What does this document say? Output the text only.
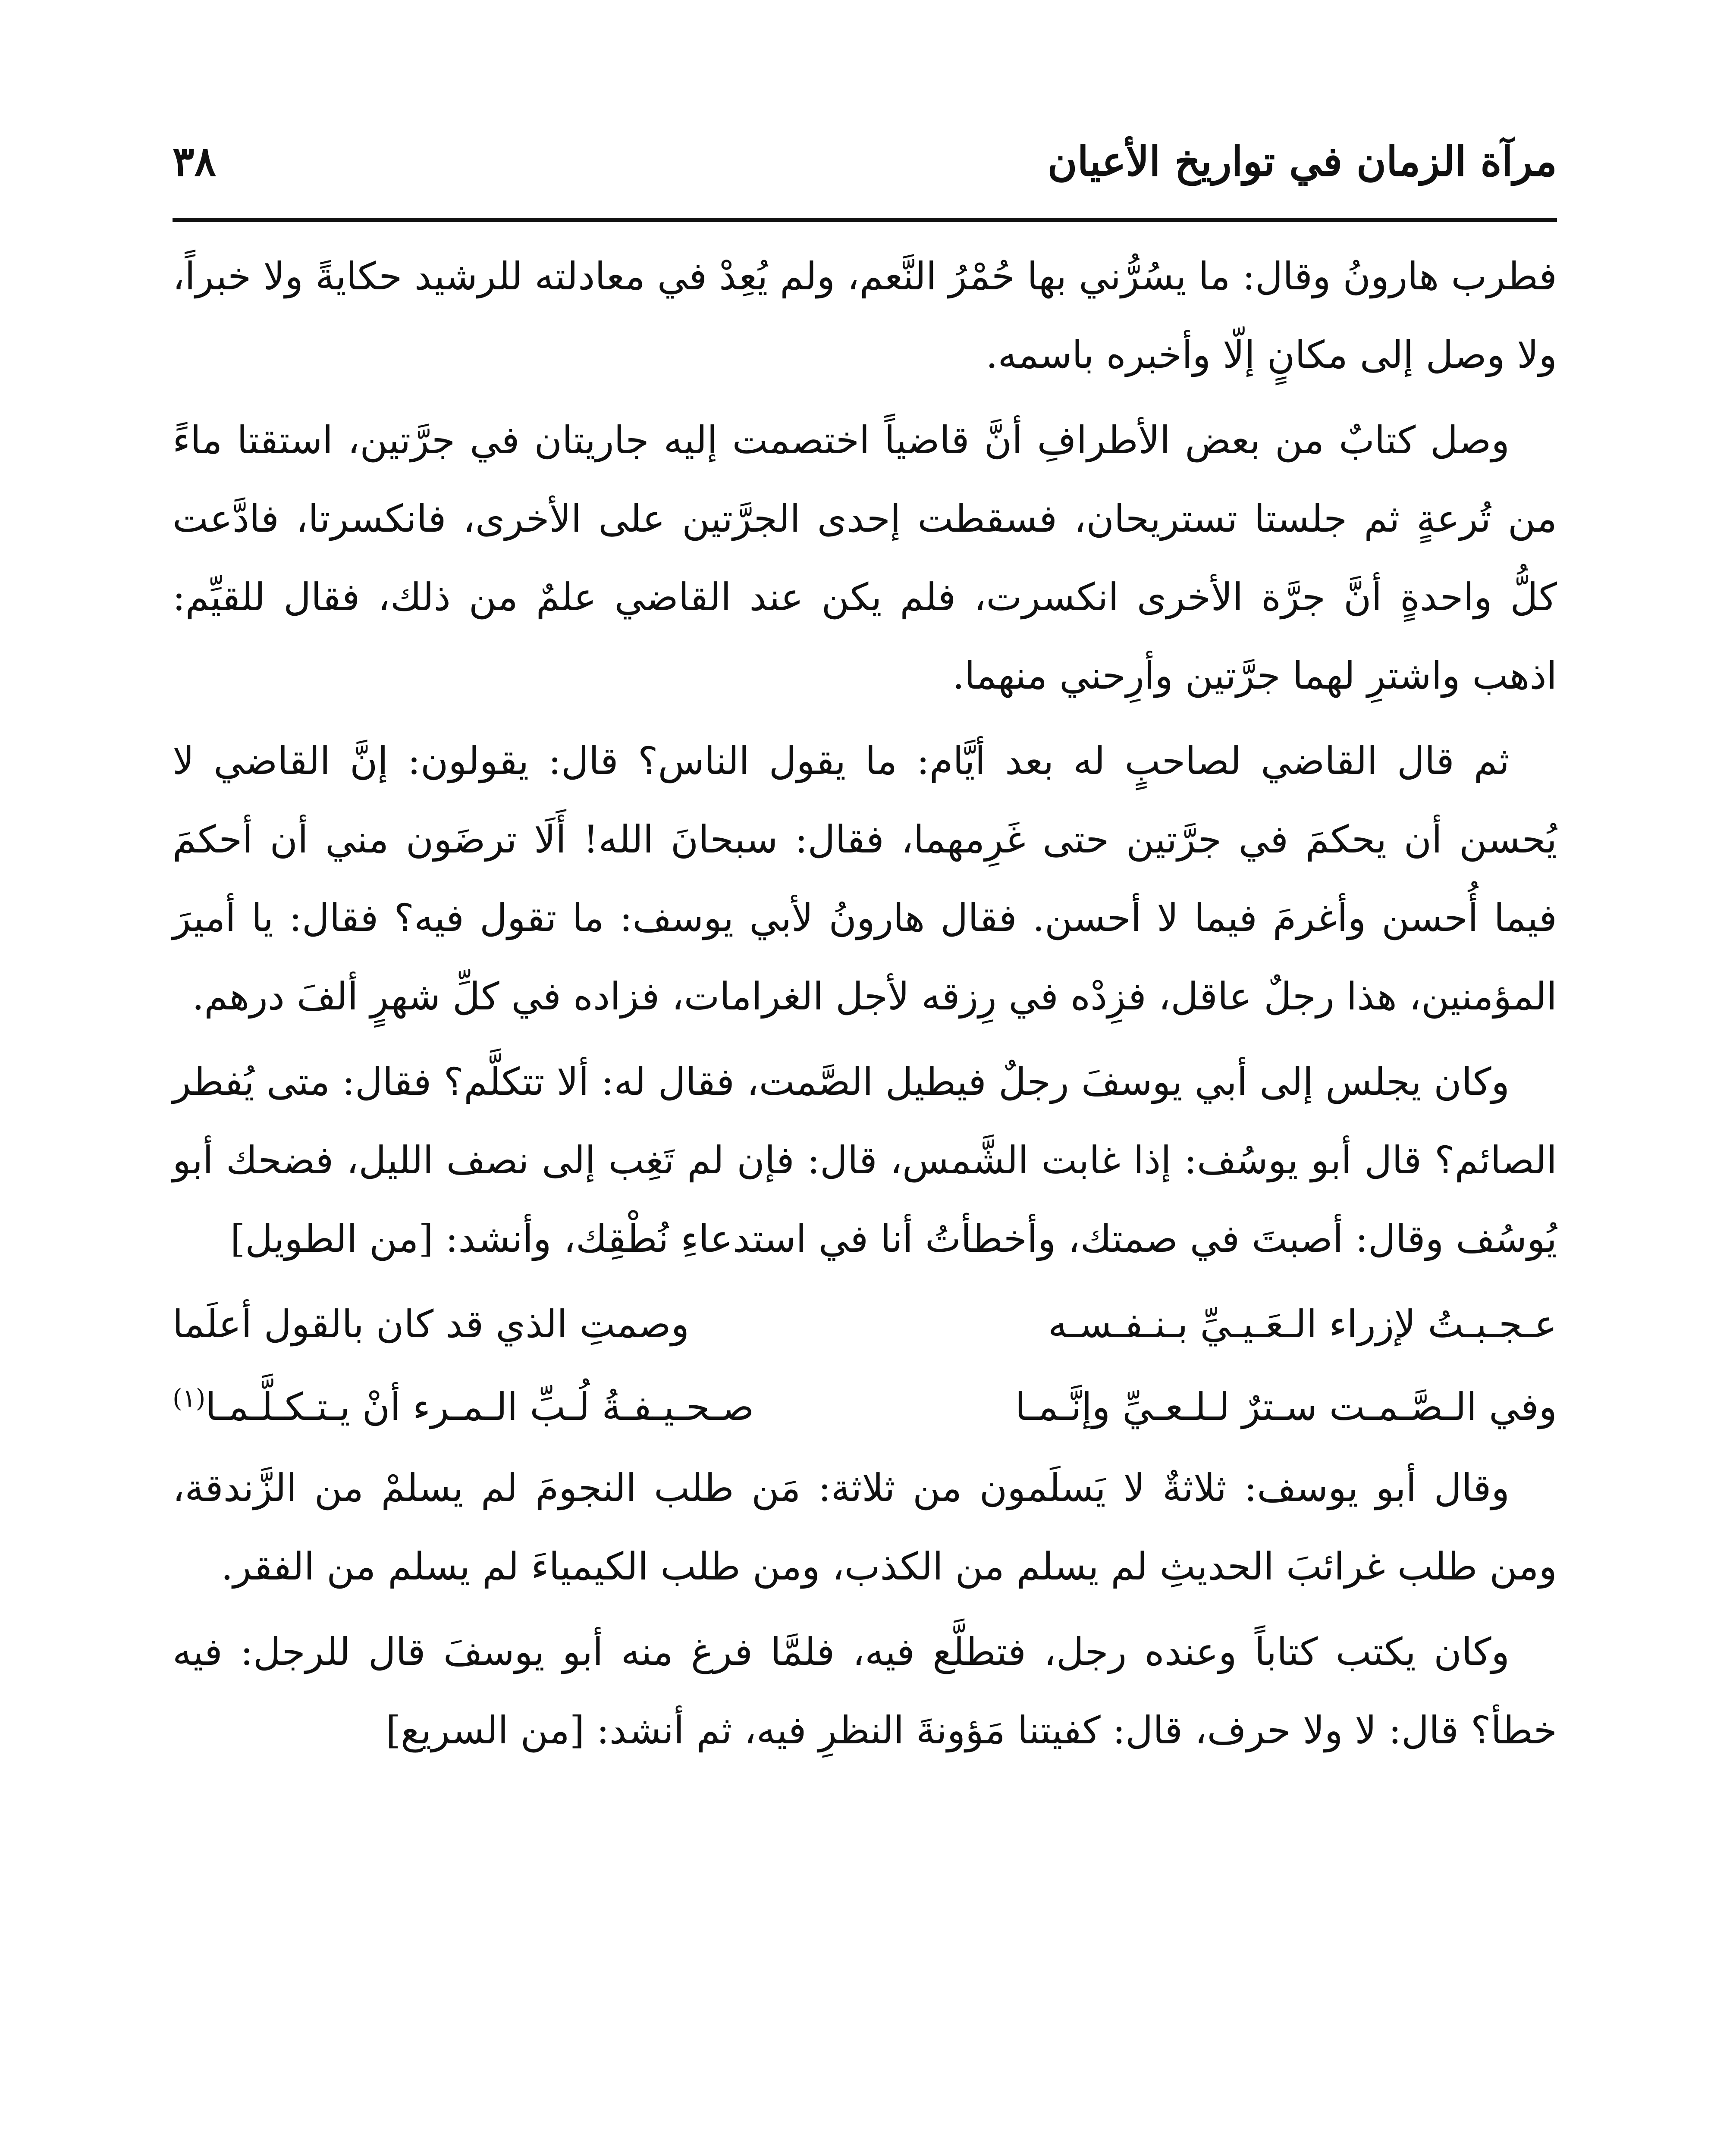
مرآة الزمان في تواريخ الأعيان
٣٨

فطرب هارونُ وقال: ما يسُرُّني بها حُمْرُ النَّعم، ولم يُعِدْ في معادلته للرشيد حكايةً ولا خبراً، ولا وصل إلى مكانٍ إلّا وأخبره باسمه.

وصل كتابٌ من بعض الأطرافِ أنَّ قاضياً اختصمت إليه جاريتان في جرَّتين، استقتا ماءً من تُرعةٍ ثم جلستا تستريحان، فسقطت إحدى الجرَّتين على الأخرى، فانكسرتا، فادَّعت كلُّ واحدةٍ أنَّ جرَّة الأخرى انكسرت، فلم يكن عند القاضي علمٌ من ذلك، فقال للقيِّم: اذهب واشترِ لهما جرَّتين وأرِحني منهما.

ثم قال القاضي لصاحبٍ له بعد أيَّام: ما يقول الناس؟ قال: يقولون: إنَّ القاضي لا يُحسن أن يحكمَ في جرَّتين حتى غَرِمهما، فقال: سبحانَ الله! أَلَا ترضَون مني أن أحكمَ فيما أُحسن وأغرمَ فيما لا أحسن. فقال هارونُ لأبي يوسف: ما تقول فيه؟ فقال: يا أميرَ المؤمنين، هذا رجلٌ عاقل، فزِدْه في رِزقه لأجل الغرامات، فزاده في كلِّ شهرٍ ألفَ درهم.

وكان يجلس إلى أبي يوسفَ رجلٌ فيطيل الصَّمت، فقال له: ألا تتكلَّم؟ فقال: متى يُفطر الصائم؟ قال أبو يوسُف: إذا غابت الشَّمس، قال: فإن لم تَغِب إلى نصف الليل، فضحك أبو يُوسُف وقال: أصبتَ في صمتك، وأخطأتُ أنا في استدعاءِ نُطْقِك، وأنشد: [من الطويل]

عـجـبـتُ لإزراء الـعَـيـيِّ بـنـفـسـه
وصمتِ الذي قد كان بالقول أعلَما
وفي الـصَّـمـت سـترٌ لـلـعـيِّ وإنَّـمـا
صـحـيـفـةُ لُـبِّ الـمـرء أنْ يـتـكـلَّـمـا$^{(١)}$

وقال أبو يوسف: ثلاثةٌ لا يَسلَمون من ثلاثة: مَن طلب النجومَ لم يسلمْ من الزَّندقة، ومن طلب غرائبَ الحديثِ لم يسلم من الكذب، ومن طلب الكيمياءَ لم يسلم من الفقر.

وكان يكتب كتاباً وعنده رجل، فتطلَّع فيه، فلمَّا فرغ منه أبو يوسفَ قال للرجل: فيه خطأ؟ قال: لا ولا حرف، قال: كفيتنا مَؤونةَ النظرِ فيه، ثم أنشد: [من السريع]
